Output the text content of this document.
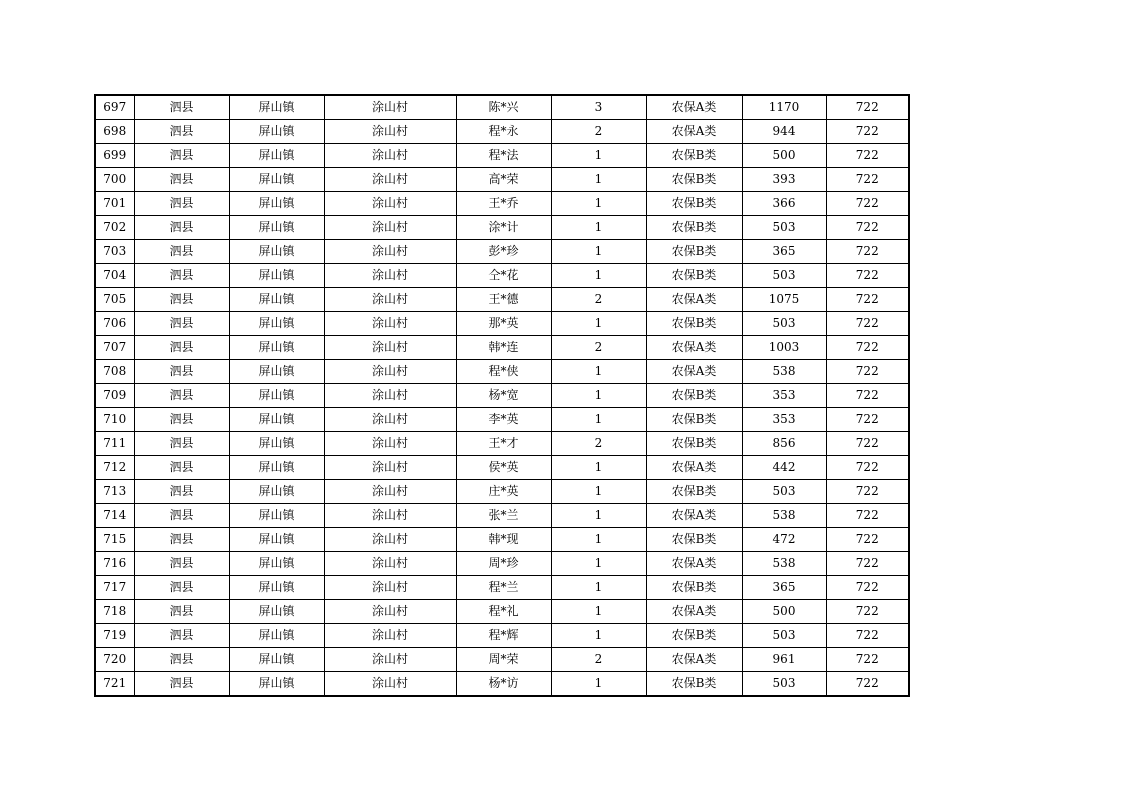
697	泗县	屏山镇	涂山村	陈*兴	3	农保A类	1170	722
698	泗县	屏山镇	涂山村	程*永	2	农保A类	944	722
699	泗县	屏山镇	涂山村	程*法	1	农保B类	500	722
700	泗县	屏山镇	涂山村	高*荣	1	农保B类	393	722
701	泗县	屏山镇	涂山村	王*乔	1	农保B类	366	722
702	泗县	屏山镇	涂山村	涂*计	1	农保B类	503	722
703	泗县	屏山镇	涂山村	彭*珍	1	农保B类	365	722
704	泗县	屏山镇	涂山村	仝*花	1	农保B类	503	722
705	泗县	屏山镇	涂山村	王*德	2	农保A类	1075	722
706	泗县	屏山镇	涂山村	那*英	1	农保B类	503	722
707	泗县	屏山镇	涂山村	韩*连	2	农保A类	1003	722
708	泗县	屏山镇	涂山村	程*侠	1	农保A类	538	722
709	泗县	屏山镇	涂山村	杨*宽	1	农保B类	353	722
710	泗县	屏山镇	涂山村	李*英	1	农保B类	353	722
711	泗县	屏山镇	涂山村	王*才	2	农保B类	856	722
712	泗县	屏山镇	涂山村	侯*英	1	农保A类	442	722
713	泗县	屏山镇	涂山村	庄*英	1	农保B类	503	722
714	泗县	屏山镇	涂山村	张*兰	1	农保A类	538	722
715	泗县	屏山镇	涂山村	韩*现	1	农保B类	472	722
716	泗县	屏山镇	涂山村	周*珍	1	农保A类	538	722
717	泗县	屏山镇	涂山村	程*兰	1	农保B类	365	722
718	泗县	屏山镇	涂山村	程*礼	1	农保A类	500	722
719	泗县	屏山镇	涂山村	程*辉	1	农保B类	503	722
720	泗县	屏山镇	涂山村	周*荣	2	农保A类	961	722
721	泗县	屏山镇	涂山村	杨*访	1	农保B类	503	722
